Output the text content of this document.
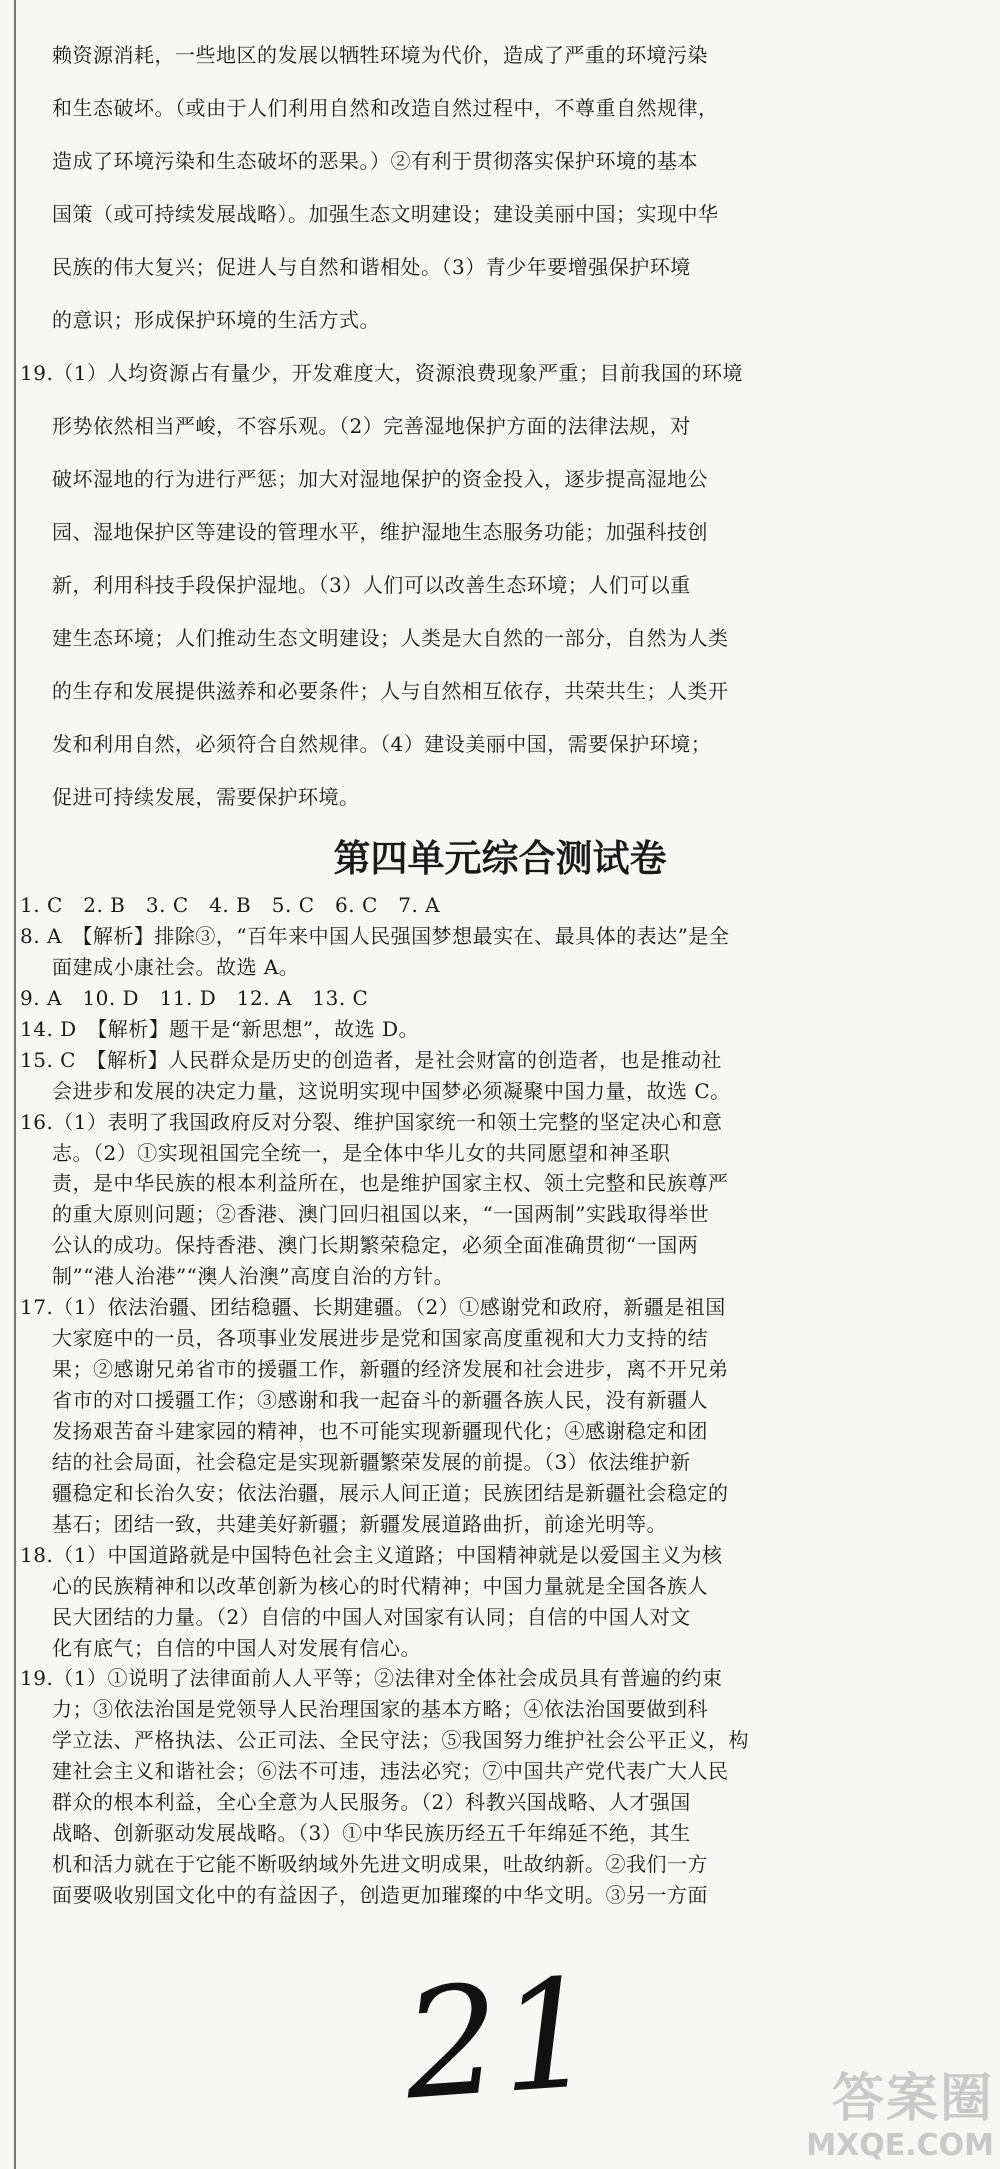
赖资源消耗，一些地区的发展以牺牲环境为代价，造成了严重的环境污染
和生态破坏。（或由于人们利用自然和改造自然过程中，不尊重自然规律，
造成了环境污染和生态破坏的恶果。）②有利于贯彻落实保护环境的基本
国策（或可持续发展战略）。加强生态文明建设；建设美丽中国；实现中华
民族的伟大复兴；促进人与自然和谐相处。（3）青少年要增强保护环境
的意识；形成保护环境的生活方式。
19.（1）人均资源占有量少，开发难度大，资源浪费现象严重；目前我国的环境
形势依然相当严峻，不容乐观。（2）完善湿地保护方面的法律法规，对
破坏湿地的行为进行严惩；加大对湿地保护的资金投入，逐步提高湿地公
园、湿地保护区等建设的管理水平，维护湿地生态服务功能；加强科技创
新，利用科技手段保护湿地。（3）人们可以改善生态环境；人们可以重
建生态环境；人们推动生态文明建设；人类是大自然的一部分，自然为人类
的生存和发展提供滋养和必要条件；人与自然相互依存，共荣共生；人类开
发和利用自然，必须符合自然规律。（4）建设美丽中国，需要保护环境；
促进可持续发展，需要保护环境。
第四单元综合测试卷
1. C　2. B　3. C　4. B　5. C　6. C　7. A
8. A　【解析】排除③，“百年来中国人民强国梦想最实在、最具体的表达”是全
面建成小康社会。故选 A。
9. A　10. D　11. D　12. A　13. C
14. D　【解析】题干是“新思想”，故选 D。
15. C　【解析】人民群众是历史的创造者，是社会财富的创造者，也是推动社
会进步和发展的决定力量，这说明实现中国梦必须凝聚中国力量，故选 C。
16.（1）表明了我国政府反对分裂、维护国家统一和领土完整的坚定决心和意
志。（2）①实现祖国完全统一，是全体中华儿女的共同愿望和神圣职
责，是中华民族的根本利益所在，也是维护国家主权、领土完整和民族尊严
的重大原则问题；②香港、澳门回归祖国以来，“一国两制”实践取得举世
公认的成功。保持香港、澳门长期繁荣稳定，必须全面准确贯彻“一国两
制”“港人治港”“澳人治澳”高度自治的方针。
17.（1）依法治疆、团结稳疆、长期建疆。（2）①感谢党和政府，新疆是祖国
大家庭中的一员，各项事业发展进步是党和国家高度重视和大力支持的结
果；②感谢兄弟省市的援疆工作，新疆的经济发展和社会进步，离不开兄弟
省市的对口援疆工作；③感谢和我一起奋斗的新疆各族人民，没有新疆人
发扬艰苦奋斗建家园的精神，也不可能实现新疆现代化；④感谢稳定和团
结的社会局面，社会稳定是实现新疆繁荣发展的前提。（3）依法维护新
疆稳定和长治久安；依法治疆，展示人间正道；民族团结是新疆社会稳定的
基石；团结一致，共建美好新疆；新疆发展道路曲折，前途光明等。
18.（1）中国道路就是中国特色社会主义道路；中国精神就是以爱国主义为核
心的民族精神和以改革创新为核心的时代精神；中国力量就是全国各族人
民大团结的力量。（2）自信的中国人对国家有认同；自信的中国人对文
化有底气；自信的中国人对发展有信心。
19.（1）①说明了法律面前人人平等；②法律对全体社会成员具有普遍的约束
力；③依法治国是党领导人民治理国家的基本方略；④依法治国要做到科
学立法、严格执法、公正司法、全民守法；⑤我国努力维护社会公平正义，构
建社会主义和谐社会；⑥法不可违，违法必究；⑦中国共产党代表广大人民
群众的根本利益，全心全意为人民服务。（2）科教兴国战略、人才强国
战略、创新驱动发展战略。（3）①中华民族历经五千年绵延不绝，其生
机和活力就在于它能不断吸纳域外先进文明成果，吐故纳新。②我们一方
面要吸收别国文化中的有益因子，创造更加璀璨的中华文明。③另一方面
21	答案圈
MXQE.COM
